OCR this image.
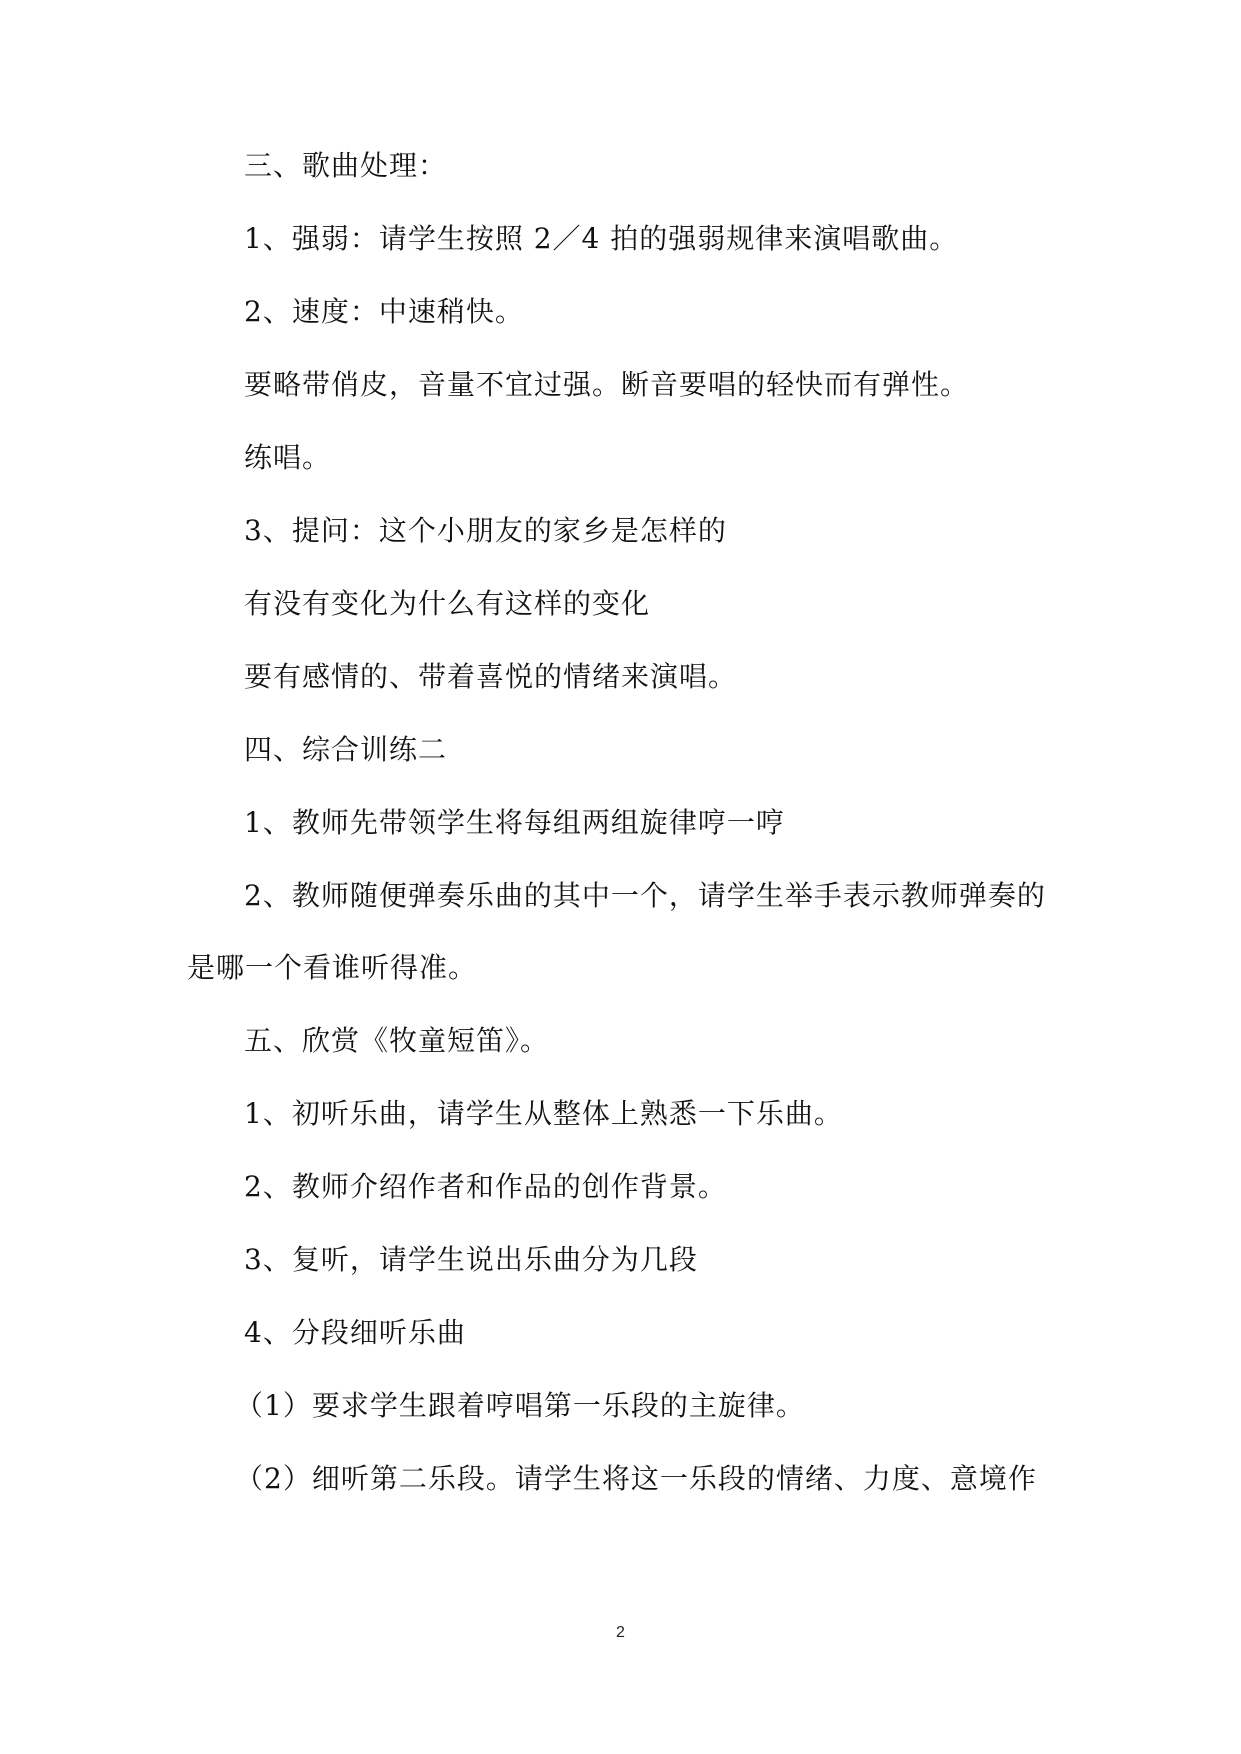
三、歌曲处理：
1、强弱：请学生按照 2／4 拍的强弱规律来演唱歌曲。
2、速度：中速稍快。
要略带俏皮，音量不宜过强。断音要唱的轻快而有弹性。
练唱。
3、提问：这个小朋友的家乡是怎样的
有没有变化为什么有这样的变化
要有感情的、带着喜悦的情绪来演唱。
四、综合训练二
1、教师先带领学生将每组两组旋律哼一哼
2、教师随便弹奏乐曲的其中一个，请学生举手表示教师弹奏的
是哪一个看谁听得准。
五、欣赏《牧童短笛》。
1、初听乐曲，请学生从整体上熟悉一下乐曲。
2、教师介绍作者和作品的创作背景。
3、复听，请学生说出乐曲分为几段
4、分段细听乐曲
（1）要求学生跟着哼唱第一乐段的主旋律。
（2）细听第二乐段。请学生将这一乐段的情绪、力度、意境作
2
